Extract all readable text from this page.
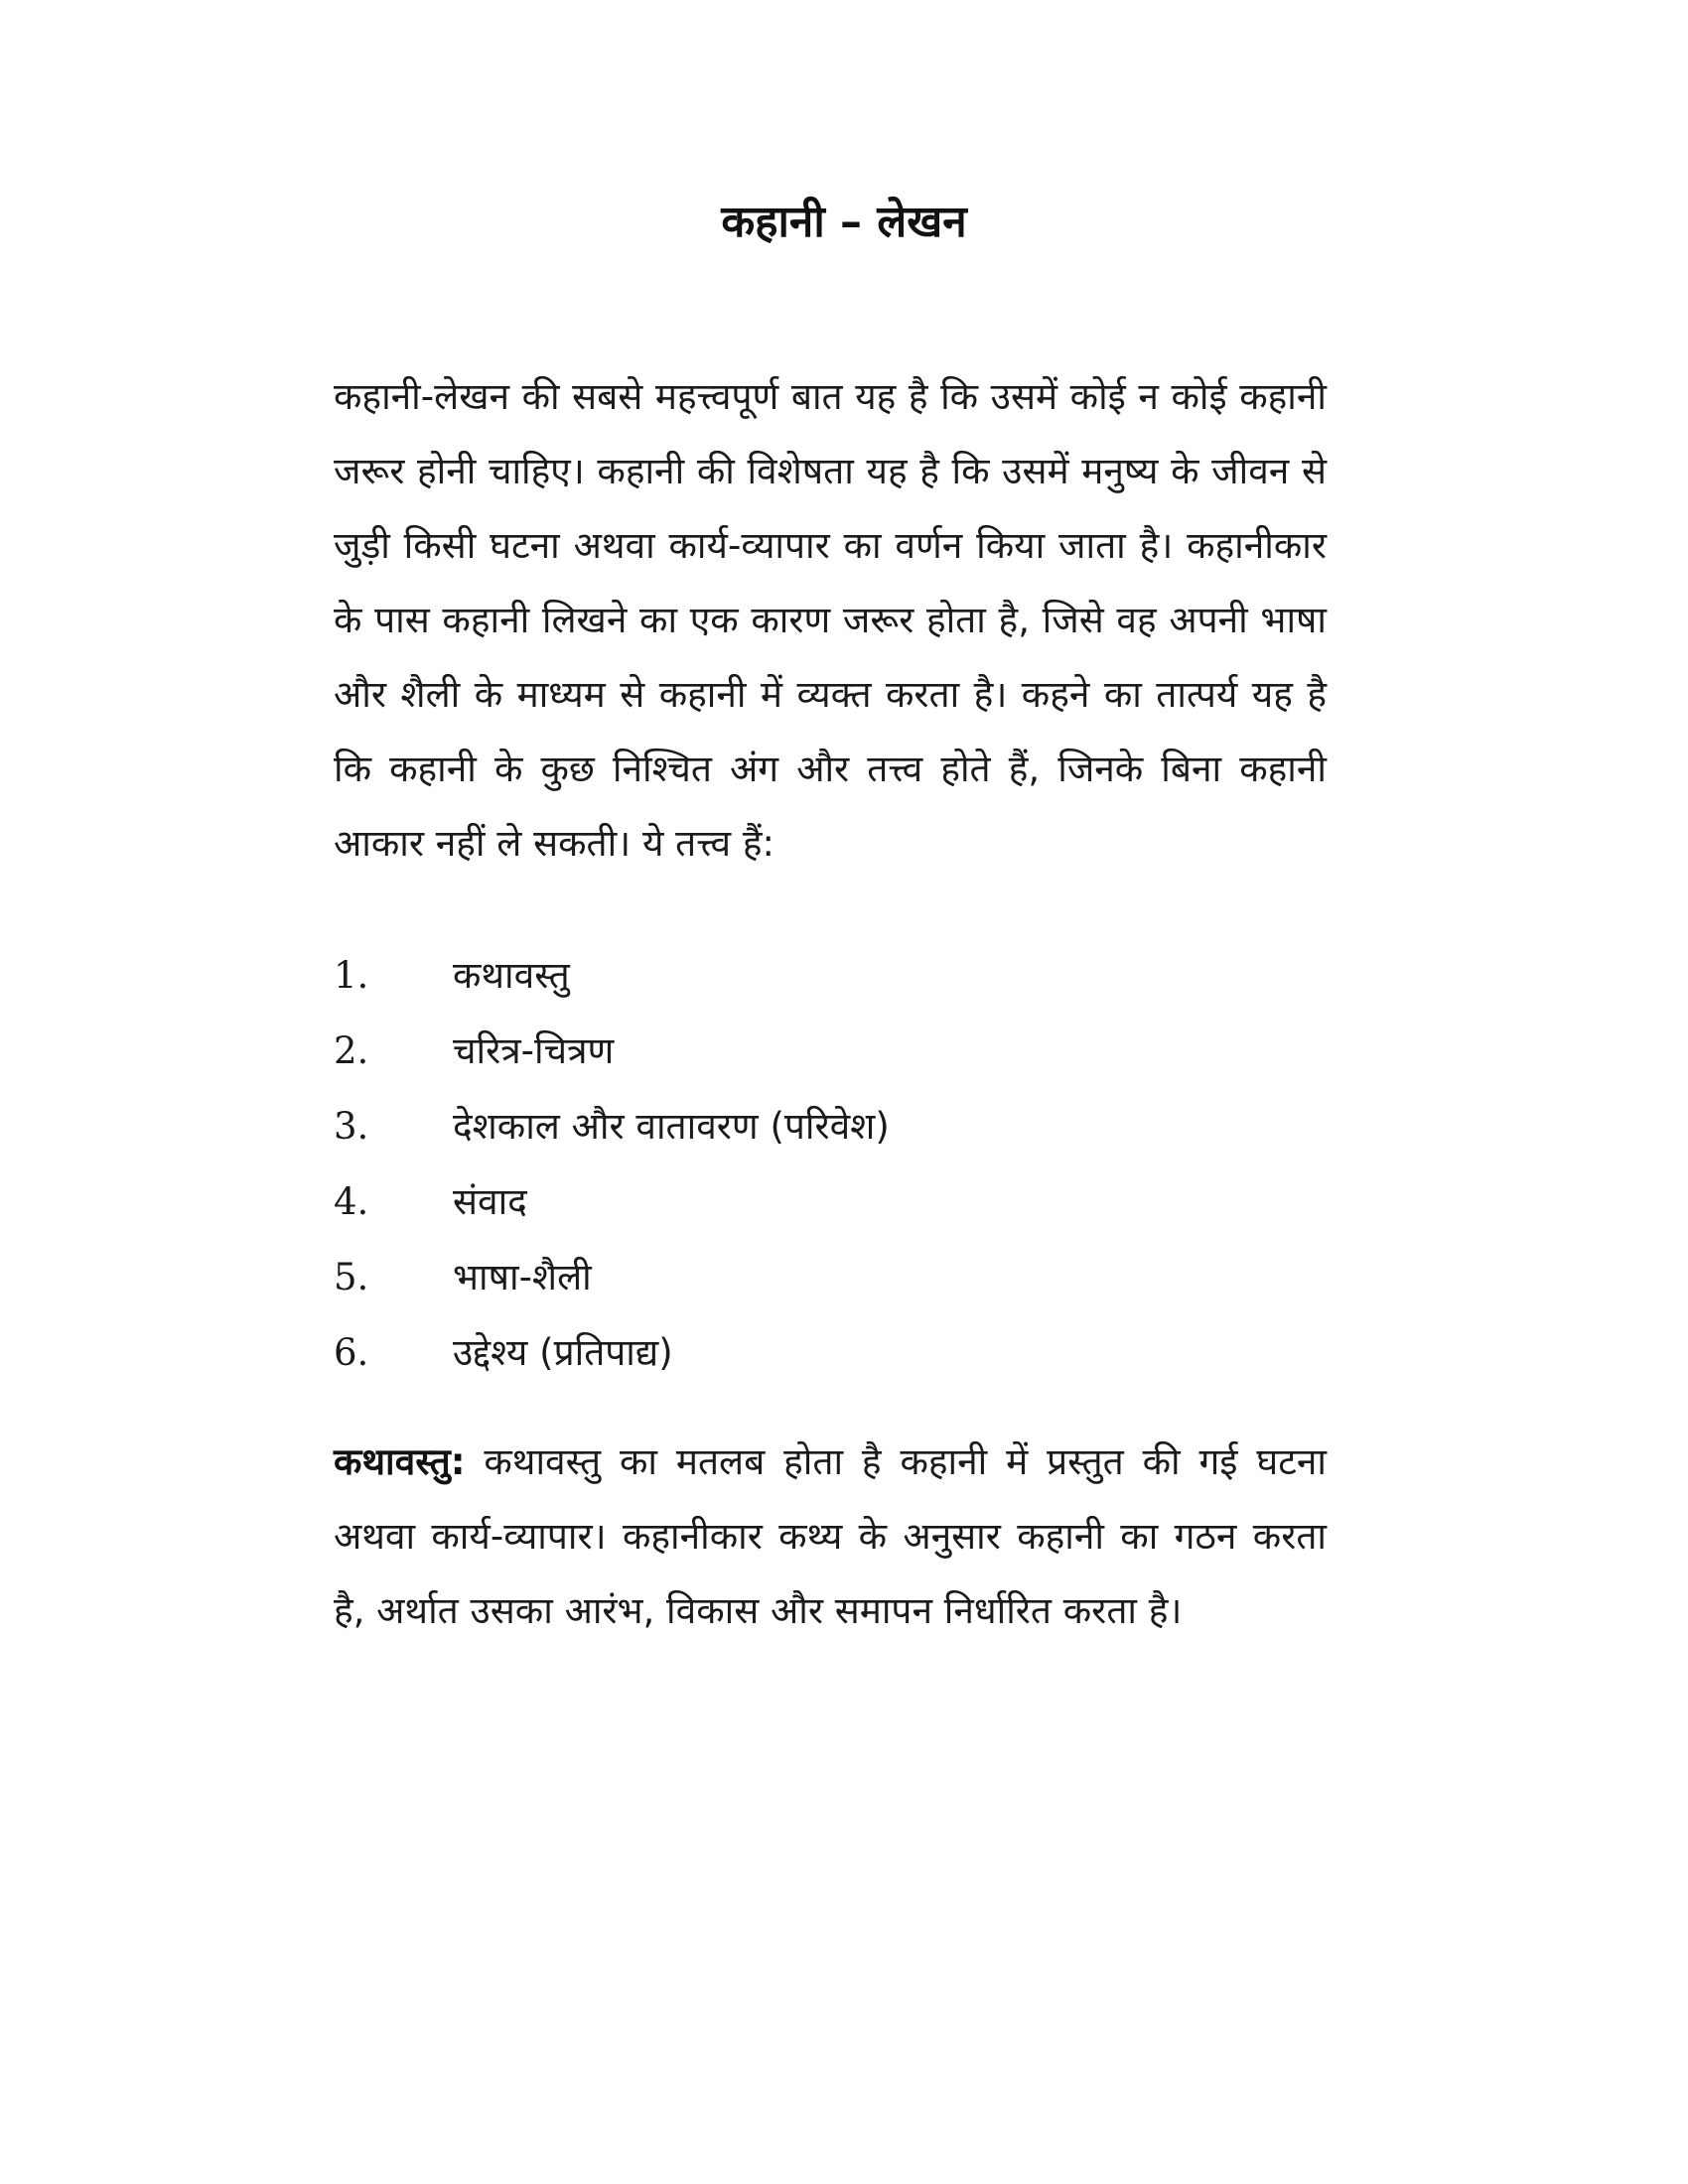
कहानी – लेखन

कहानी-लेखन की सबसे महत्त्वपूर्ण बात यह है कि उसमें कोई न कोई कहानी जरूर होनी चाहिए। कहानी की विशेषता यह है कि उसमें मनुष्य के जीवन से जुड़ी किसी घटना अथवा कार्य-व्यापार का वर्णन किया जाता है। कहानीकार के पास कहानी लिखने का एक कारण जरूर होता है, जिसे वह अपनी भाषा और शैली के माध्यम से कहानी में व्यक्त करता है। कहने का तात्पर्य यह है कि कहानी के कुछ निश्चित अंग और तत्त्व होते हैं, जिनके बिना कहानी आकार नहीं ले सकती। ये तत्त्व हैं:

1.	कथावस्तु
2.	चरित्र-चित्रण
3.	देशकाल और वातावरण (परिवेश)
4.	संवाद
5.	भाषा-शैली
6.	उद्देश्य (प्रतिपाद्य)

कथावस्तु: कथावस्तु का मतलब होता है कहानी में प्रस्तुत की गई घटना अथवा कार्य-व्यापार। कहानीकार कथ्य के अनुसार कहानी का गठन करता है, अर्थात उसका आरंभ, विकास और समापन निर्धारित करता है।
